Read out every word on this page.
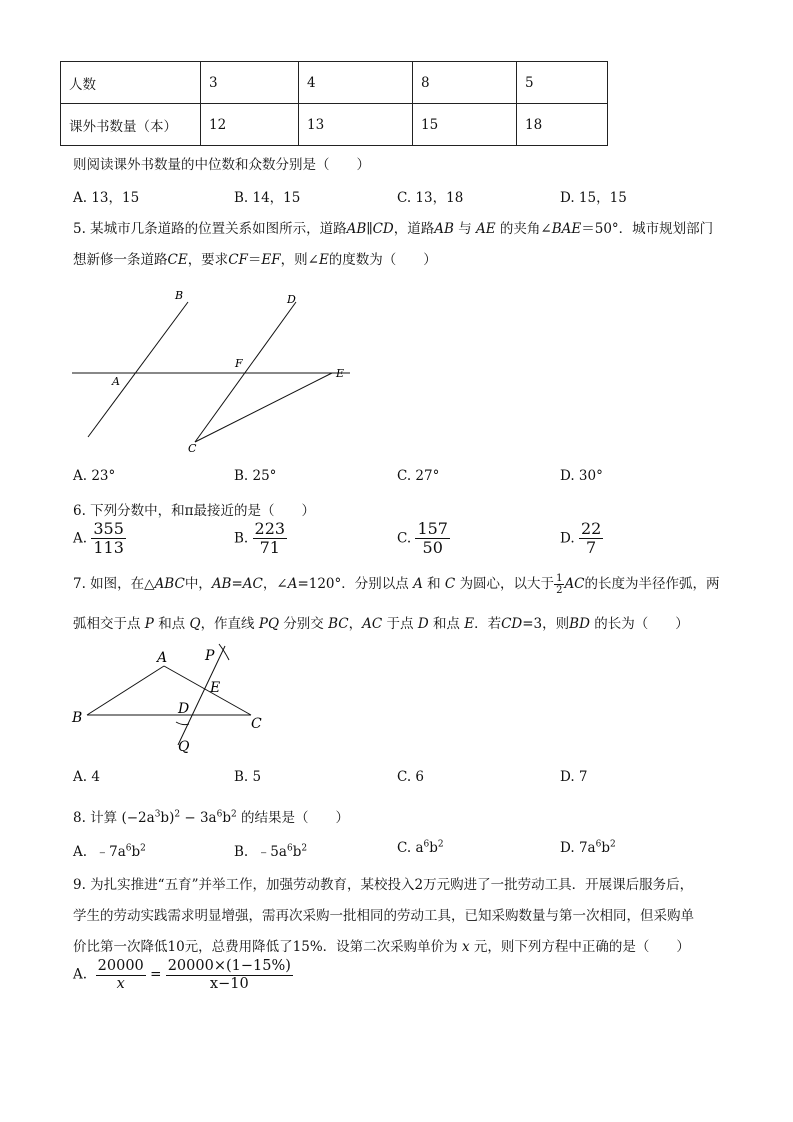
人数	3	4	8	5
课外书数量（本）	12	13	15	18
则阅读课外书数量的中位数和众数分别是（　　）
A. 13，15	B. 14，15	C. 13，18	D. 15，15
5. 某城市几条道路的位置关系如图所示，道路AB∥CD，道路AB 与 AE 的夹角∠BAE＝50°．城市规划部门
想新修一条道路CE，要求CF＝EF，则∠E的度数为（　　）
B	D
F
A
E
C
A. 23°	B. 25°	C. 27°	D. 30°
6. 下列分数中，和π最接近的是（　　）
A. $\frac{355}{113}$	B. $\frac{223}{71}$	C. $\frac{157}{50}$	D. $\frac{22}{7}$
7. 如图，在△ABC中，AB=AC，∠A=120°．分别以点 A 和 C 为圆心，以大于 $\frac{1}{2}$ AC的长度为半径作弧，两
弧相交于点 P 和点 Q，作直线 PQ 分别交 BC，AC 于点 D 和点 E．若CD=3，则BD 的长为（　　）
A	P
E
D
B	C
Q
A. 4	B. 5	C. 6	D. 7
8. 计算 $(-2a^3b)^2 - 3a^6b^2$ 的结果是（　　）
A. $﹣7a^6b^2$	B. $﹣5a^6b^2$	C. $a^6b^2$	D. $7a^6b^2$
9. 为扎实推进“五育”并举工作，加强劳动教育，某校投入2万元购进了一批劳动工具．开展课后服务后，
学生的劳动实践需求明显增强，需再次采购一批相同的劳动工具，已知采购数量与第一次相同，但采购单
价比第一次降低10元，总费用降低了15%．设第二次采购单价为 x 元，则下列方程中正确的是（　　）
A. $\frac{20000}{x} = \frac{20000\times(1-15\%)}{x-10}$
